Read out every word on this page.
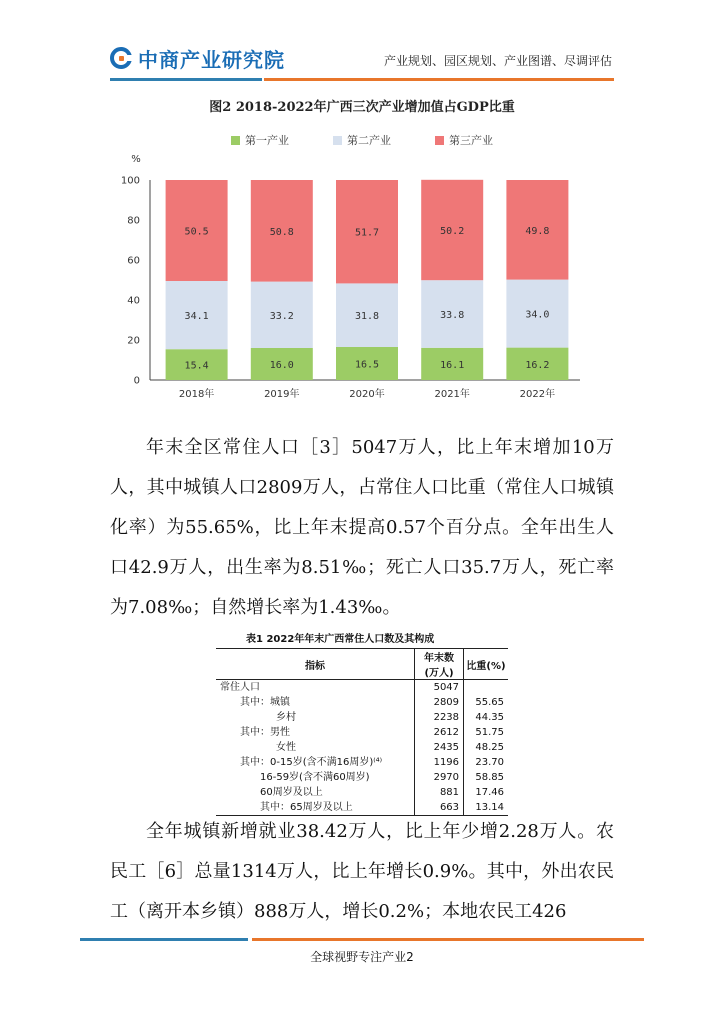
中商产业研究院	产业规划、园区规划、产业图谱、尽调评估
图2 2018-2022年广西三次产业增加值占GDP比重
第一产业	第二产业	第三产业
%
0
20
40
60
80
100
15.4
34.1
50.5
2018年
16.0
33.2
50.8
2019年
16.5
31.8
51.7
2020年
16.1
33.8
50.2
2021年
16.2
34.0
49.8
2022年

年末全区常住人口［3］5047万人，比上年末增加10万人，其中城镇人口2809万人，占常住人口比重（常住人口城镇化率）为55.65%，比上年末提高0.57个百分点。全年出生人口42.9万人，出生率为8.51‰；死亡人口35.7万人，死亡率为7.08‰；自然增长率为1.43‰。

表1 2022年年末广西常住人口数及其构成
指标	年末数(万人)	比重(%)
常住人口	5047	
其中：城镇	2809	55.65
乡村	2238	44.35
其中：男性	2612	51.75
女性	2435	48.25
其中：0-15岁(含不满16周岁)⁽⁴⁾	1196	23.70
16-59岁(含不满60周岁)	2970	58.85
60周岁及以上	881	17.46
其中：65周岁及以上	663	13.14

全年城镇新增就业38.42万人，比上年少增2.28万人。农民工［6］总量1314万人，比上年增长0.9%。其中，外出农民工（离开本乡镇）888万人，增长0.2%；本地农民工426

全球视野专注产业2
